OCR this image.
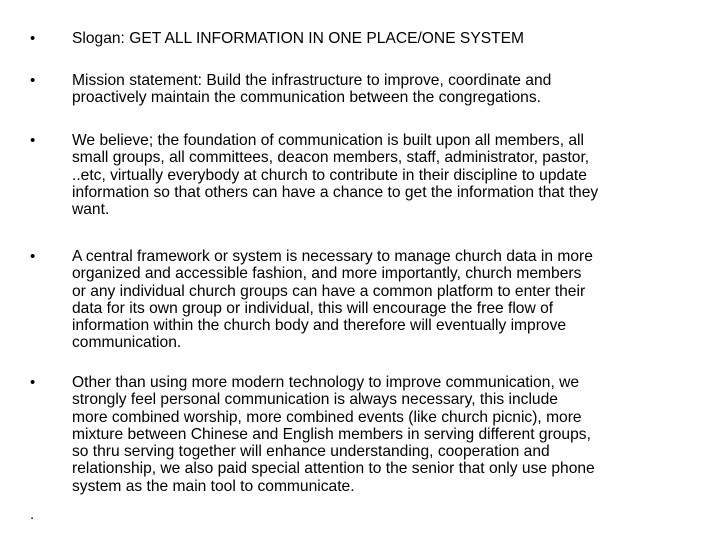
• Slogan: GET ALL INFORMATION IN ONE PLACE/ONE SYSTEM
• Mission statement: Build the infrastructure to improve, coordinate and
proactively maintain the communication between the congregations.
• We believe; the foundation of communication is built upon all members, all
small groups, all committees, deacon members, staff, administrator, pastor,
..etc, virtually everybody at church to contribute in their discipline to update
information so that others can have a chance to get the information that they
want.
• A central framework or system is necessary to manage church data in more
organized and accessible fashion, and more importantly, church members
or any individual church groups can have a common platform to enter their
data for its own group or individual, this will encourage the free flow of
information within the church body and therefore will eventually improve
communication.
• Other than using more modern technology to improve communication, we
strongly feel personal communication is always necessary, this include
more combined worship, more combined events (like church picnic), more
mixture between Chinese and English members in serving different groups,
so thru serving together will enhance understanding, cooperation and
relationship, we also paid special attention to the senior that only use phone
system as the main tool to communicate.
.
